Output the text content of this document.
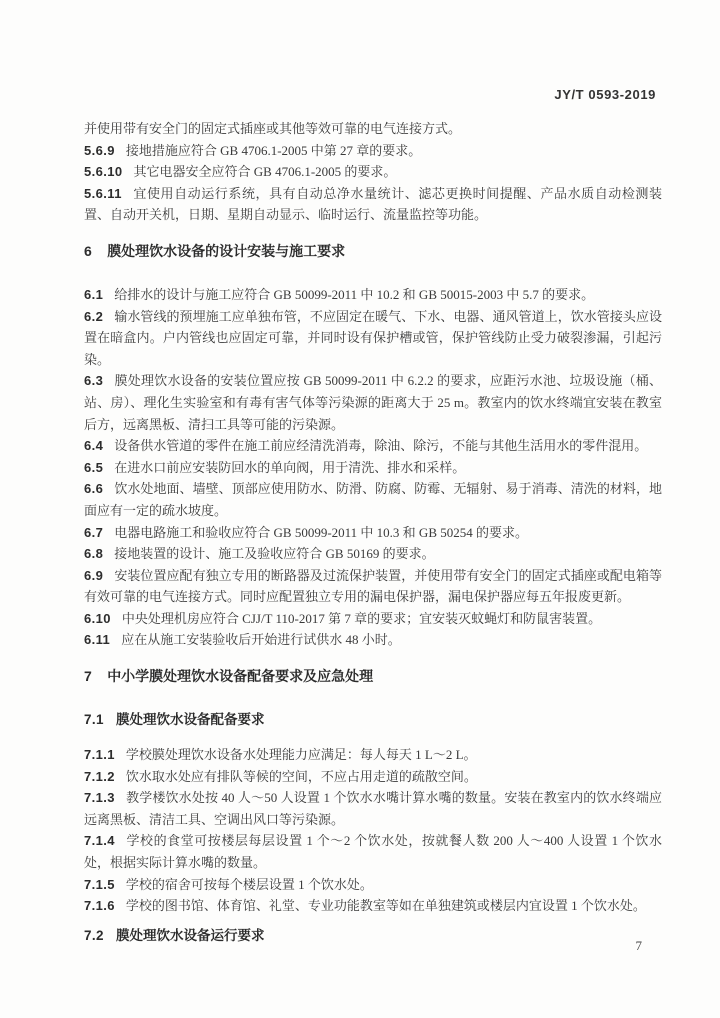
JY/T 0593-2019

并使用带有安全门的固定式插座或其他等效可靠的电气连接方式。

5.6.9 接地措施应符合 GB 4706.1-2005 中第 27 章的要求。

5.6.10 其它电器安全应符合 GB 4706.1-2005 的要求。

5.6.11 宜使用自动运行系统，具有自动总净水量统计、滤芯更换时间提醒、产品水质自动检测装置、自动开关机，日期、星期自动显示、临时运行、流量监控等功能。

6 膜处理饮水设备的设计安装与施工要求

6.1 给排水的设计与施工应符合 GB 50099-2011 中 10.2 和 GB 50015-2003 中 5.7 的要求。

6.2 输水管线的预埋施工应单独布管，不应固定在暖气、下水、电器、通风管道上，饮水管接头应设置在暗盒内。户内管线也应固定可靠，并同时设有保护槽或管，保护管线防止受力破裂渗漏，引起污染。

6.3 膜处理饮水设备的安装位置应按 GB 50099-2011 中 6.2.2 的要求，应距污水池、垃圾设施（桶、站、房）、理化生实验室和有毒有害气体等污染源的距离大于 25 m。教室内的饮水终端宜安装在教室后方，远离黑板、清扫工具等可能的污染源。

6.4 设备供水管道的零件在施工前应经清洗消毒，除油、除污，不能与其他生活用水的零件混用。

6.5 在进水口前应安装防回水的单向阀，用于清洗、排水和采样。

6.6 饮水处地面、墙壁、顶部应使用防水、防滑、防腐、防霉、无辐射、易于消毒、清洗的材料，地面应有一定的疏水坡度。

6.7 电器电路施工和验收应符合 GB 50099-2011 中 10.3 和 GB 50254 的要求。

6.8 接地装置的设计、施工及验收应符合 GB 50169 的要求。

6.9 安装位置应配有独立专用的断路器及过流保护装置，并使用带有安全门的固定式插座或配电箱等有效可靠的电气连接方式。同时应配置独立专用的漏电保护器，漏电保护器应每五年报废更新。

6.10 中央处理机房应符合 CJJ/T 110-2017 第 7 章的要求；宜安装灭蚊蝇灯和防鼠害装置。

6.11 应在从施工安装验收后开始进行试供水 48 小时。

7 中小学膜处理饮水设备配备要求及应急处理
7.1 膜处理饮水设备配备要求

7.1.1 学校膜处理饮水设备水处理能力应满足：每人每天 1 L～2 L。

7.1.2 饮水取水处应有排队等候的空间，不应占用走道的疏散空间。

7.1.3 教学楼饮水处按 40 人～50 人设置 1 个饮水水嘴计算水嘴的数量。安装在教室内的饮水终端应远离黑板、清洁工具、空调出风口等污染源。

7.1.4 学校的食堂可按楼层每层设置 1 个～2 个饮水处，按就餐人数 200 人～400 人设置 1 个饮水处，根据实际计算水嘴的数量。

7.1.5 学校的宿舍可按每个楼层设置 1 个饮水处。

7.1.6 学校的图书馆、体育馆、礼堂、专业功能教室等如在单独建筑或楼层内宜设置 1 个饮水处。

7.2 膜处理饮水设备运行要求
7
